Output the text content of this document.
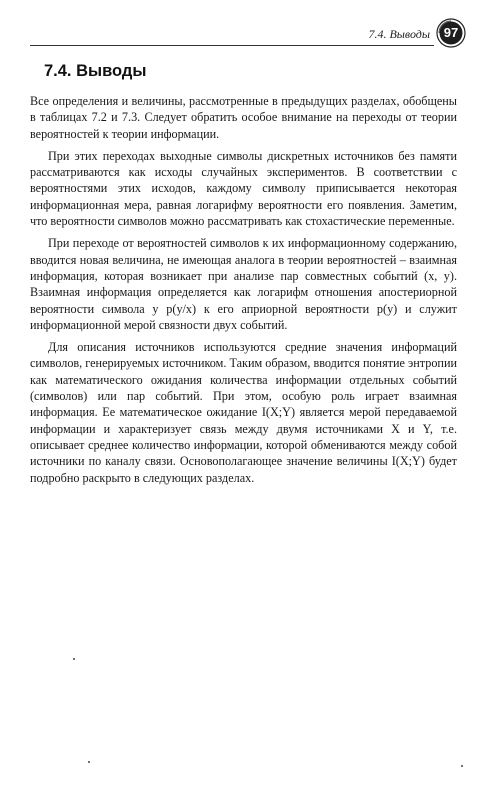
7.4. Выводы	97
7.4. Выводы

Все определения и величины, рассмотренные в предыдущих разделах, обобщены в таблицах 7.2 и 7.3. Следует обратить особое внимание на переходы от теории вероятностей к теории информации.

При этих переходах выходные символы дискретных источников без памяти рассматриваются как исходы случайных экспериментов. В соответствии с вероятностями этих исходов, каждому символу приписывается некоторая информационная мера, равная логарифму вероятности его появления. Заметим, что вероятности символов можно рассматривать как стохастические переменные.

При переходе от вероятностей символов к их информационному содержанию, вводится новая величина, не имеющая аналога в теории вероятностей – взаимная информация, которая возникает при анализе пар совместных событий (x, y). Взаимная информация определяется как логарифм отношения апостериорной вероятности символа y p(y/x) к его априорной вероятности p(y) и служит информационной мерой связности двух событий.

Для описания источников используются средние значения информаций символов, генерируемых источником. Таким образом, вводится понятие энтропии как математического ожидания количества информации отдельных событий (символов) или пар событий. При этом, особую роль играет взаимная информация. Ее математическое ожидание I(X;Y) является мерой передаваемой информации и характеризует связь между двумя источниками X и Y, т.е. описывает среднее количество информации, которой обмениваются между собой источники по каналу связи. Основополагающее значение величины I(X;Y) будет подробно раскрыто в следующих разделах.
